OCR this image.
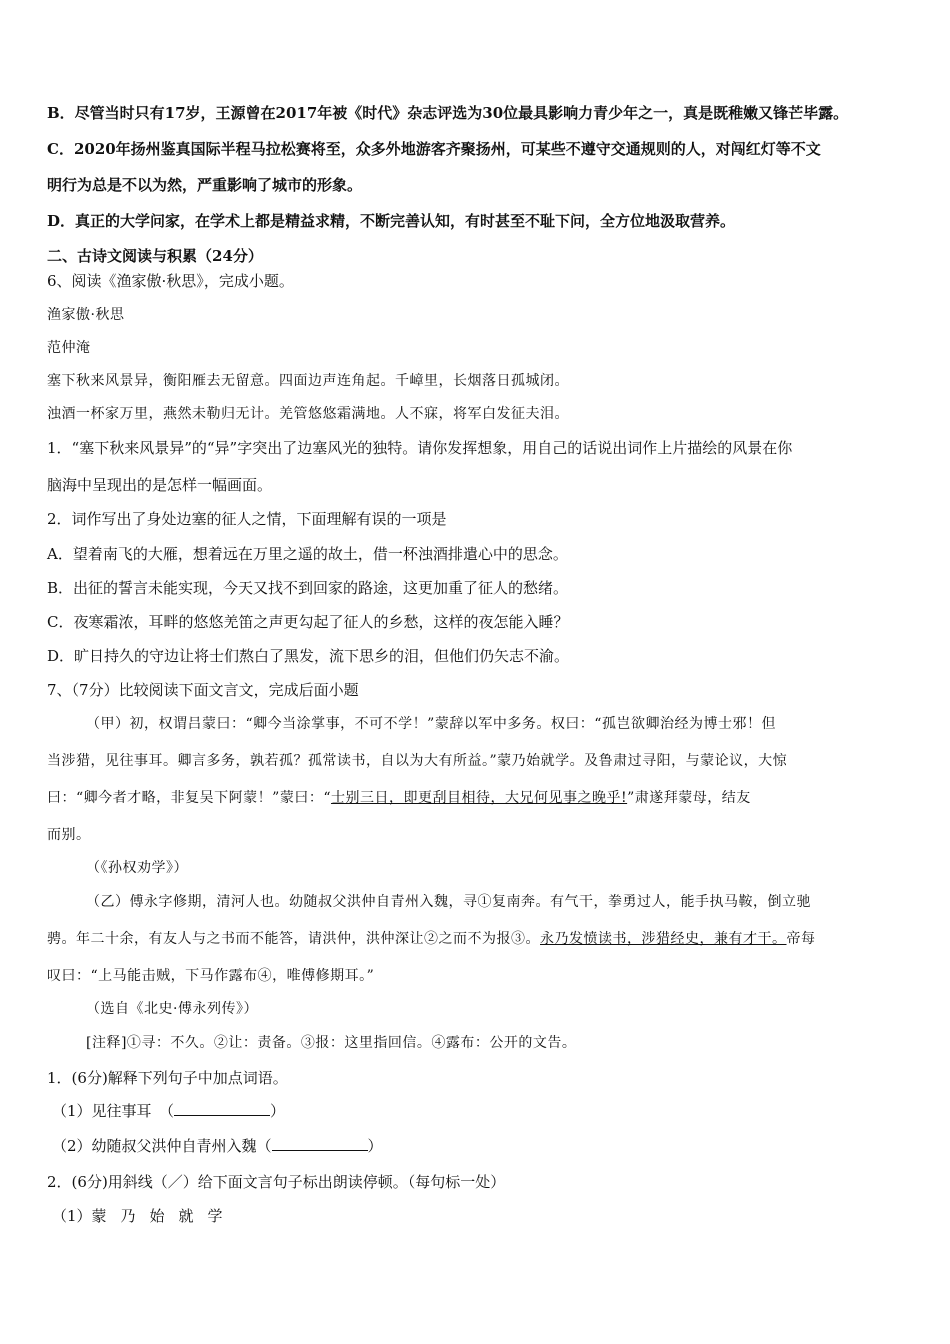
B．尽管当时只有17岁，王源曾在2017年被《时代》杂志评选为30位最具影响力青少年之一，真是既稚嫩又锋芒毕露。
C．2020年扬州鉴真国际半程马拉松赛将至，众多外地游客齐聚扬州，可某些不遵守交通规则的人，对闯红灯等不文
明行为总是不以为然，严重影响了城市的形象。
D．真正的大学问家，在学术上都是精益求精，不断完善认知，有时甚至不耻下问，全方位地汲取营养。
二、古诗文阅读与积累（24分）
6、阅读《渔家傲·秋思》，完成小题。
渔家傲·秋思
范仲淹
塞下秋来风景异，衡阳雁去无留意。四面边声连角起。千嶂里，长烟落日孤城闭。
浊酒一杯家万里，燕然未勒归无计。羌管悠悠霜满地。人不寐，将军白发征夫泪。
1．“塞下秋来风景异”的“异”字突出了边塞风光的独特。请你发挥想象，用自己的话说出词作上片描绘的风景在你
脑海中呈现出的是怎样一幅画面。
2．词作写出了身处边塞的征人之情，下面理解有误的一项是
A．望着南飞的大雁，想着远在万里之遥的故土，借一杯浊酒排遣心中的思念。
B．出征的誓言未能实现，今天又找不到回家的路途，这更加重了征人的愁绪。
C．夜寒霜浓，耳畔的悠悠羌笛之声更勾起了征人的乡愁，这样的夜怎能入睡？
D．旷日持久的守边让将士们熬白了黑发，流下思乡的泪，但他们仍矢志不渝。
7、（7分）比较阅读下面文言文，完成后面小题
（甲）初，权谓吕蒙曰：“卿今当涂掌事，不可不学！”蒙辞以军中多务。权曰：“孤岂欲卿治经为博士邪！但
当涉猎，见往事耳。卿言多务，孰若孤？孤常读书，自以为大有所益。”蒙乃始就学。及鲁肃过寻阳，与蒙论议，大惊
曰：“卿今者才略，非复吴下阿蒙！”蒙曰：“士别三日，即更刮目相待，大兄何见事之晚乎!”肃遂拜蒙母，结友
而别。
（《孙权劝学》）
（乙）傅永字修期，清河人也。幼随叔父洪仲自青州入魏，寻①复南奔。有气干，拳勇过人，能手执马鞍，倒立驰
骋。年二十余，有友人与之书而不能答，请洪仲，洪仲深让②之而不为报③。永乃发愤读书，涉猎经史，兼有才干。帝每
叹曰：“上马能击贼，下马作露布④，唯傅修期耳。”
（选自《北史·傅永列传》）
[注释]①寻：不久。②让：责备。③报：这里指回信。④露布：公开的文告。
1．(6分)解释下列句子中加点词语。
（1）见往事耳　（	）
（2）幼随叔父洪仲自青州入魏（	）
2．(6分)用斜线（／）给下面文言句子标出朗读停顿。（每句标一处）
（1）蒙乃始就学
